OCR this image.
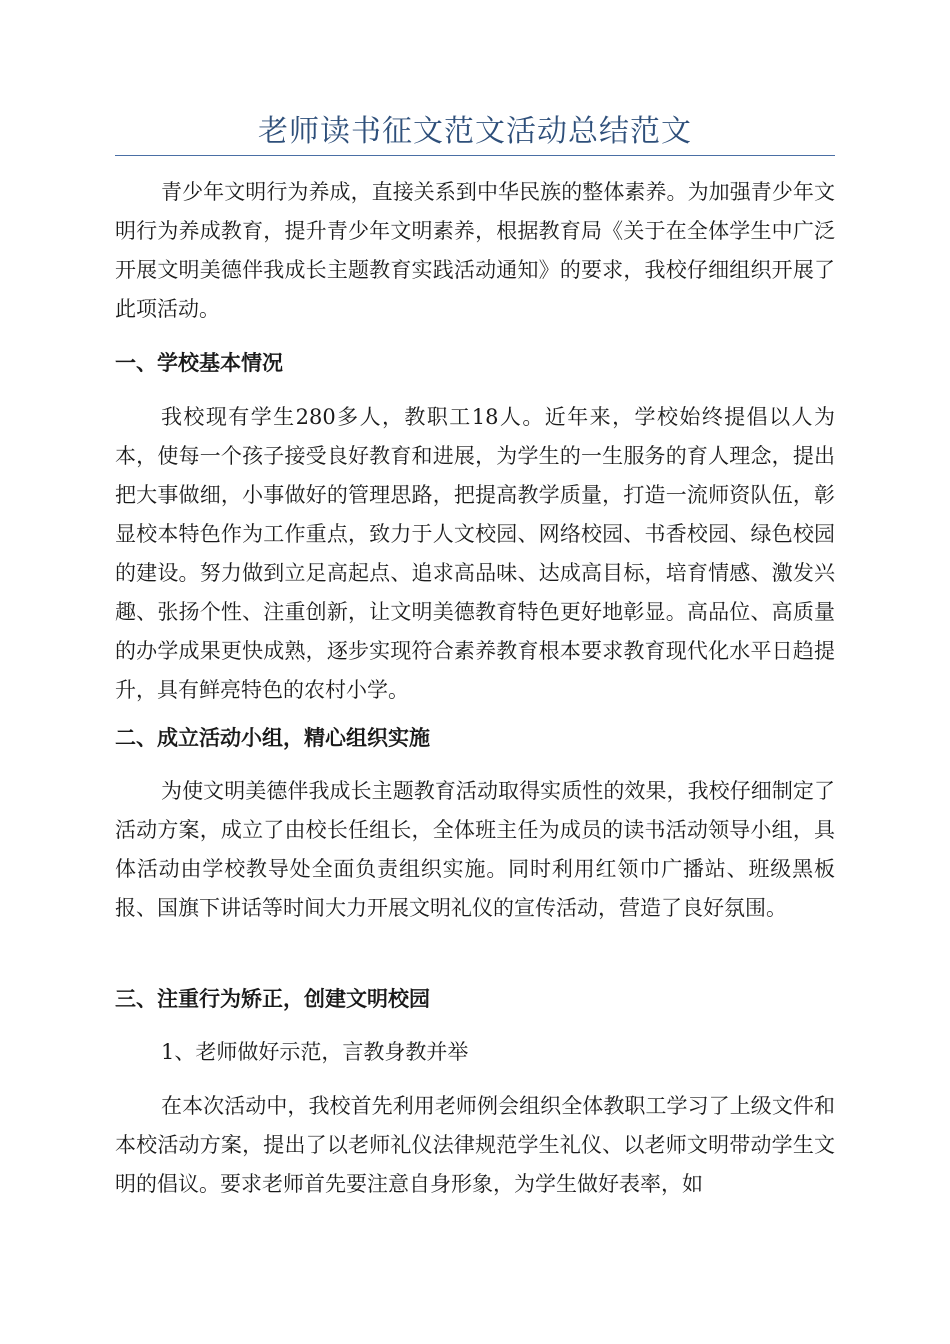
老师读书征文范文活动总结范文

青少年文明行为养成，直接关系到中华民族的整体素养。为加强青少年文明行为养成教育，提升青少年文明素养，根据教育局《关于在全体学生中广泛开展文明美德伴我成长主题教育实践活动通知》的要求，我校仔细组织开展了此项活动。

一、学校基本情况

我校现有学生280多人，教职工18人。近年来，学校始终提倡以人为本，使每一个孩子接受良好教育和进展，为学生的一生服务的育人理念，提出把大事做细，小事做好的管理思路，把提高教学质量，打造一流师资队伍，彰显校本特色作为工作重点，致力于人文校园、网络校园、书香校园、绿色校园的建设。努力做到立足高起点、追求高品味、达成高目标，培育情感、激发兴趣、张扬个性、注重创新，让文明美德教育特色更好地彰显。高品位、高质量的办学成果更快成熟，逐步实现符合素养教育根本要求教育现代化水平日趋提升，具有鲜亮特色的农村小学。

二、成立活动小组，精心组织实施

为使文明美德伴我成长主题教育活动取得实质性的效果，我校仔细制定了活动方案，成立了由校长任组长，全体班主任为成员的读书活动领导小组，具体活动由学校教导处全面负责组织实施。同时利用红领巾广播站、班级黑板报、国旗下讲话等时间大力开展文明礼仪的宣传活动，营造了良好氛围。

三、注重行为矫正，创建文明校园

1、老师做好示范，言教身教并举

在本次活动中，我校首先利用老师例会组织全体教职工学习了上级文件和本校活动方案，提出了以老师礼仪法律规范学生礼仪、以老师文明带动学生文明的倡议。要求老师首先要注意自身形象，为学生做好表率，如
